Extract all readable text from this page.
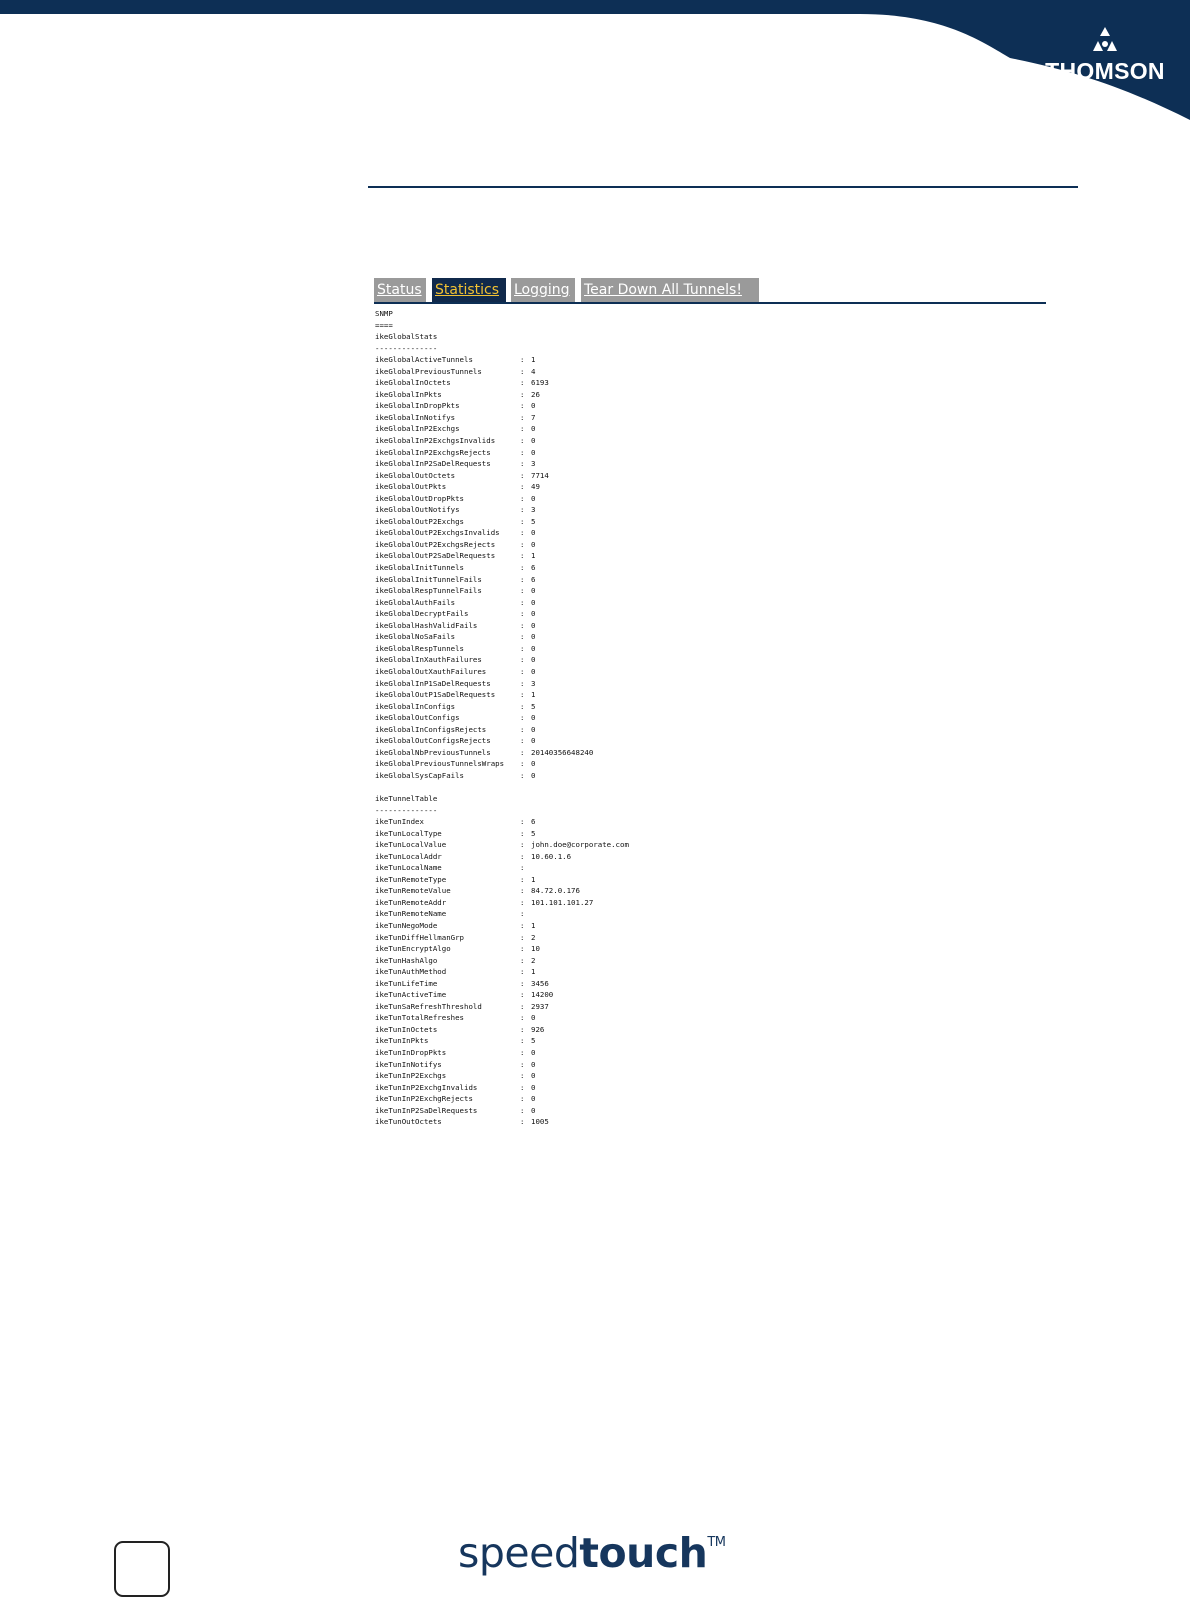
THOMSON
Status Statistics	Logging	Tear Down All Tunnels!
SNMP
====
ikeGlobalStats
--------------
ikeGlobalActiveTunnels	: 1
ikeGlobalPreviousTunnels	: 4
ikeGlobalInOctets	: 6193
ikeGlobalInPkts	: 26
ikeGlobalInDropPkts	: 0
ikeGlobalInNotifys	: 7
ikeGlobalInP2Exchgs	: 0
ikeGlobalInP2ExchgsInvalids	: 0
ikeGlobalInP2ExchgsRejects	: 0
ikeGlobalInP2SaDelRequests	: 3
ikeGlobalOutOctets	: 7714
ikeGlobalOutPkts	: 49
ikeGlobalOutDropPkts	: 0
ikeGlobalOutNotifys	: 3
ikeGlobalOutP2Exchgs	: 5
ikeGlobalOutP2ExchgsInvalids	: 0
ikeGlobalOutP2ExchgsRejects	: 0
ikeGlobalOutP2SaDelRequests	: 1
ikeGlobalInitTunnels	: 6
ikeGlobalInitTunnelFails	: 6
ikeGlobalRespTunnelFails	: 0
ikeGlobalAuthFails	: 0
ikeGlobalDecryptFails	: 0
ikeGlobalHashValidFails	: 0
ikeGlobalNoSaFails	: 0
ikeGlobalRespTunnels	: 0
ikeGlobalInXauthFailures	: 0
ikeGlobalOutXauthFailures	: 0
ikeGlobalInP1SaDelRequests	: 3
ikeGlobalOutP1SaDelRequests	: 1
ikeGlobalInConfigs	: 5
ikeGlobalOutConfigs	: 0
ikeGlobalInConfigsRejects	: 0
ikeGlobalOutConfigsRejects	: 0
ikeGlobalNbPreviousTunnels	: 20140356648240
ikeGlobalPreviousTunnelsWraps : 0
ikeGlobalSysCapFails	: 0
ikeTunnelTable
--------------
ikeTunIndex	: 6
ikeTunLocalType	: 5
ikeTunLocalValue	: john.doe@corporate.com
ikeTunLocalAddr	: 10.60.1.6
ikeTunLocalName	:
ikeTunRemoteType	: 1
ikeTunRemoteValue	: 84.72.0.176
ikeTunRemoteAddr	: 101.101.101.27
ikeTunRemoteName	:
ikeTunNegoMode	: 1
ikeTunDiffHellmanGrp	: 2
ikeTunEncryptAlgo	: 10
ikeTunHashAlgo	: 2
ikeTunAuthMethod	: 1
ikeTunLifeTime	: 3456
ikeTunActiveTime	: 14200
ikeTunSaRefreshThreshold	: 2937
ikeTunTotalRefreshes	: 0
ikeTunInOctets	: 926
ikeTunInPkts	: 5
ikeTunInDropPkts	: 0
ikeTunInNotifys	: 0
ikeTunInP2Exchgs	: 0
ikeTunInP2ExchgInvalids	: 0
ikeTunInP2ExchgRejects	: 0
ikeTunInP2SaDelRequests	: 0
ikeTunOutOctets	: 1005
speedtouch™
